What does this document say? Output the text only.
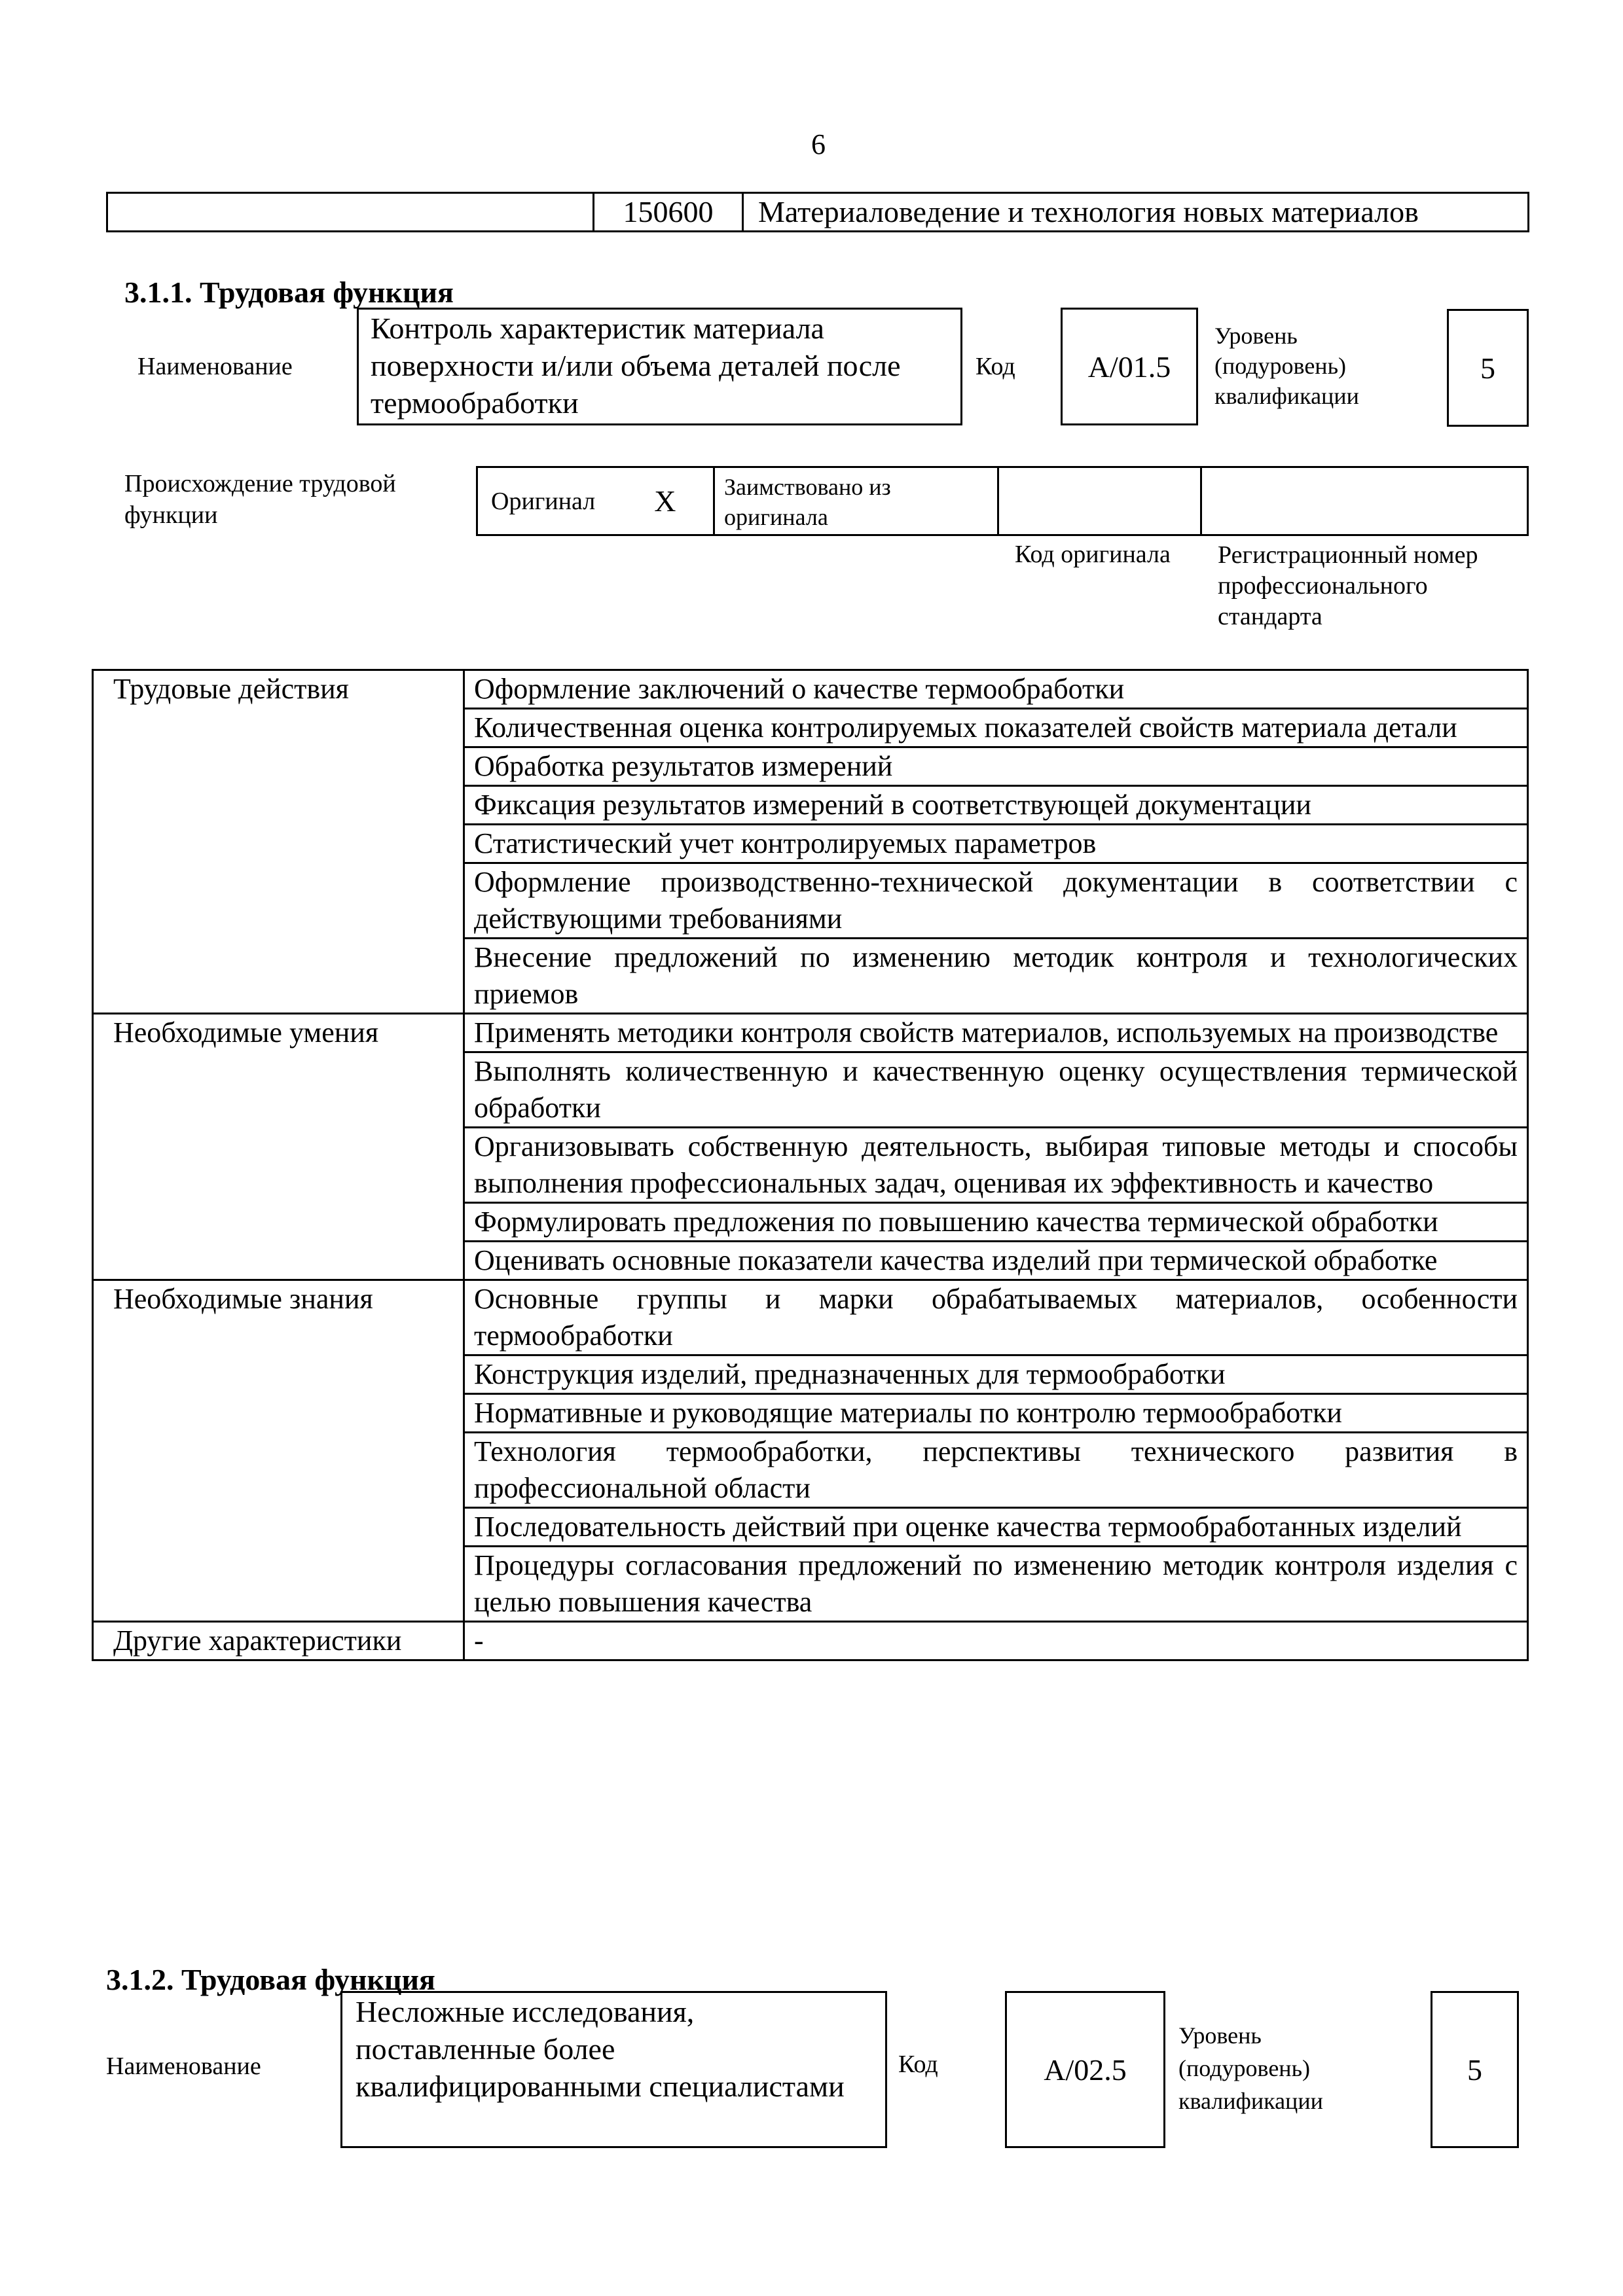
6
150600	Материаловедение и технология новых материалов
3.1.1. Трудовая функция
Наименование
Контроль характеристик материала поверхности и/или объема деталей после термообработки
Код A/01.5
Уровень (подуровень) квалификации
5
Происхождение трудовой функции
Оригинал X	Заимствовано из оригинала
Код оригинала Регистрационный номер профессионального стандарта
Трудовые действия	Оформление заключений о качестве термообработки
	Количественная оценка контролируемых показателей свойств материала детали
	Обработка результатов измерений
	Фиксация результатов измерений в соответствующей документации
	Статистический учет контролируемых параметров
	Оформление производственно-технической документации в соответствии с действующими требованиями
	Внесение предложений по изменению методик контроля и технологических приемов
Необходимые умения	Применять методики контроля свойств материалов, используемых на производстве
	Выполнять количественную и качественную оценку осуществления термической обработки
	Организовывать собственную деятельность, выбирая типовые методы и способы выполнения профессиональных задач, оценивая их эффективность и качество
	Формулировать предложения по повышению качества термической обработки
	Оценивать основные показатели качества изделий при термической обработке
Необходимые знания	Основные группы и марки обрабатываемых материалов, особенности термообработки
	Конструкция изделий, предназначенных для термообработки
	Нормативные и руководящие материалы по контролю термообработки
	Технология термообработки, перспективы технического развития в профессиональной области
	Последовательность действий при оценке качества термообработанных изделий
	Процедуры согласования предложений по изменению методик контроля изделия с целью повышения качества
Другие характеристики	-
3.1.2. Трудовая функция
Наименование
Несложные исследования, поставленные более квалифицированными специалистами
Код	A/02.5
Уровень (подуровень) квалификации
5
